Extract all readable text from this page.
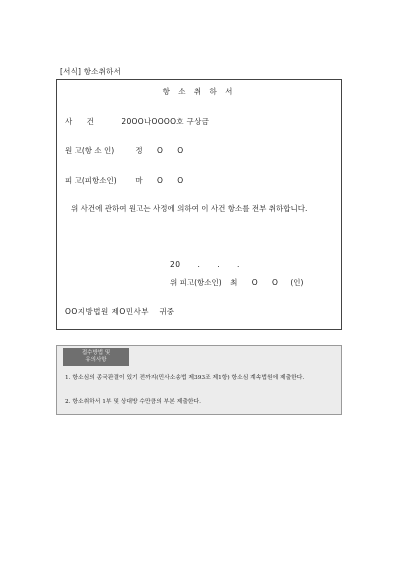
[서식] 항소취하서
항 소 취 하 서
사 건	20OO나OOOO호 구상금
원 고(항 소 인)	정 O O
피 고(피항소인) 마 O O
위 사건에 관하여 원고는 사정에 의하여 이 사건 항소를 전부 취하합니다.
20 . . .
위 피고(항소인) 최 O O (인)
OO지방법원 제O민사부 귀중
접수방법 및
유의사항
1. 항소심의 종국판결이 있기 전까지(민사소송법 제393조 제1항) 항소심 계속법원에 제출한다.
2. 항소취하서 1부 및 상대방 수만큼의 부본 제출한다.
